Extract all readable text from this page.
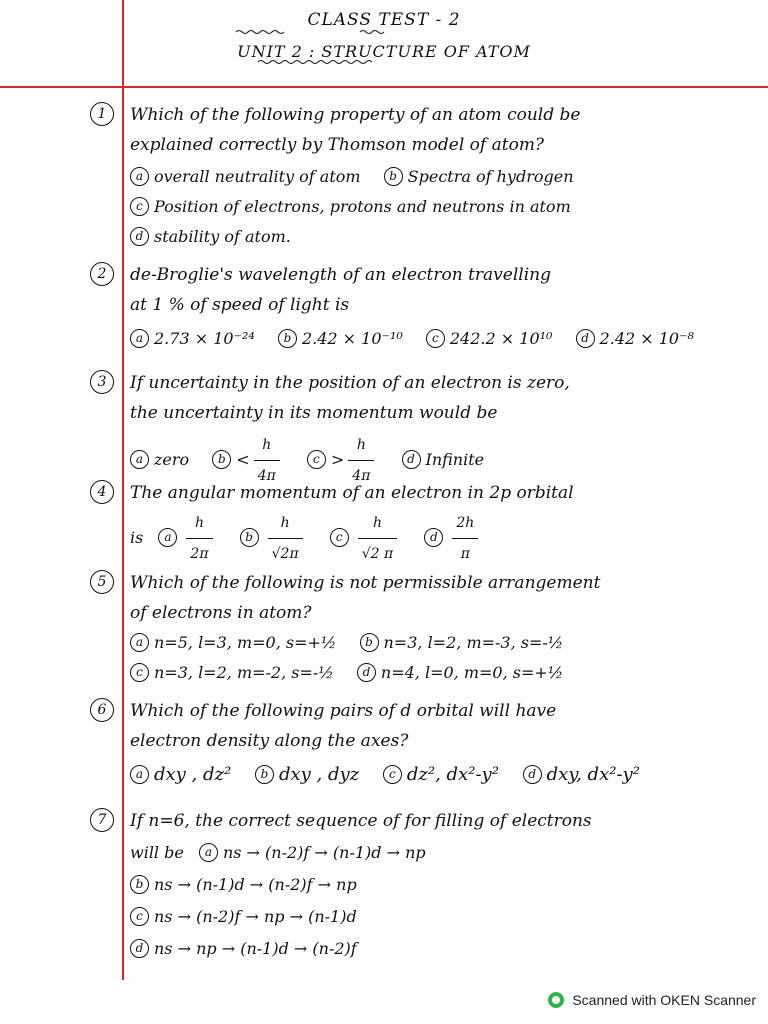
CLASS TEST - 2
UNIT 2 : STRUCTURE OF ATOM
1	Which of the following property of an atom could be
explained correctly by Thomson model of atom?
a overall neutrality of atom b Spectra of hydrogen
c Position of electrons, protons and neutrons in atom
d stability of atom.
2	de-Broglie's wavelength of an electron travelling
at 1 % of speed of light is
a 2.73 × 10⁻²⁴ b 2.42 × 10⁻¹⁰ c 242.2 × 10¹⁰ d 2.42 × 10⁻⁸
3	If uncertainty in the position of an electron is zero,
the uncertainty in its momentum would be
a zero $b < \frac{h}{4\pi}$	$c > \frac{h}{4\pi}$	d Infinite
4	The angular momentum of an electron in 2p orbital
is a $\frac{h}{2\pi}$	b $\frac{h}{√2\pi}$	c $\frac{h}{√2 \pi}$	d $\frac{2h}{\pi}$
5	Which of the following is not permissible arrangement
of electrons in atom?
a n=5, l=3, m=0, s=+½ b n=3, l=2, m=-3, s=-½
c n=3, l=2, m=-2, s=-½ d n=4, l=0, m=0, s=+½
6	Which of the following pairs of d orbital will have
electron density along the axes?
a dxy , dz² b dxy , dyz c dz², dx²-y² d dxy, dx²-y²
7	If n=6, the correct sequence of for filling of electrons
will be a ns → (n-2)f → (n-1)d → np
b ns → (n-1)d → (n-2)f → np
c ns → (n-2)f → np → (n-1)d
d ns → np → (n-1)d → (n-2)f
Scanned with OKEN Scanner
